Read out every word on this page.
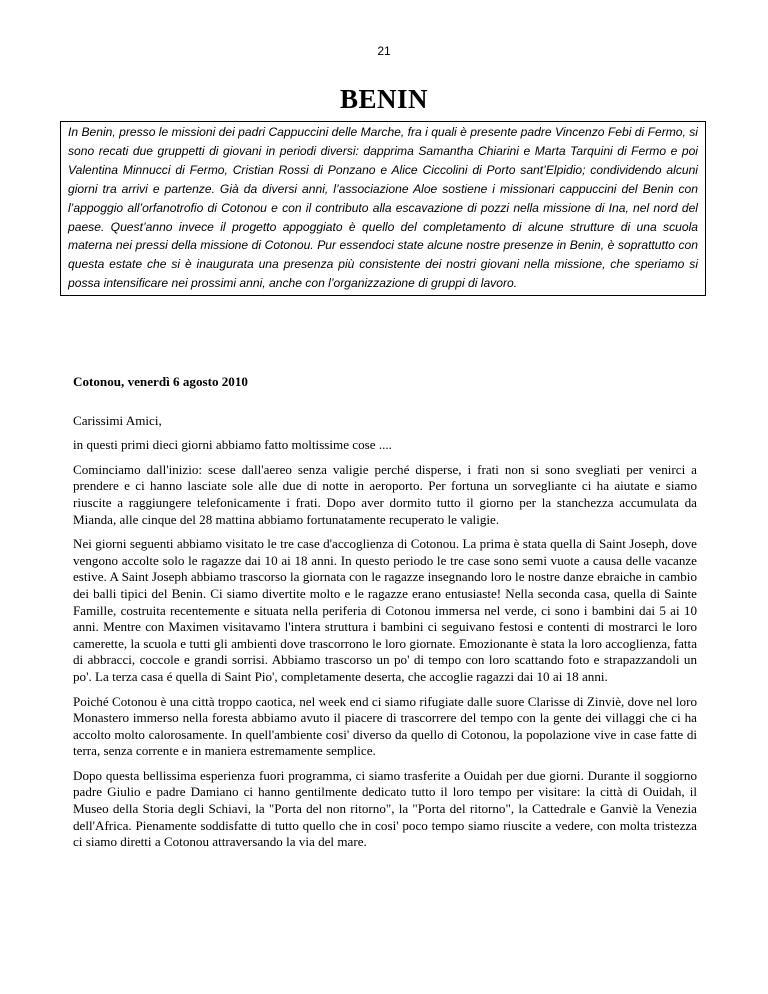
21
BENIN
In Benin, presso le missioni dei padri Cappuccini delle Marche, fra i quali è presente padre Vincenzo Febi di Fermo, si sono recati due gruppetti di giovani in periodi diversi: dapprima Samantha Chiarini e Marta Tarquini di Fermo e poi Valentina Minnucci di Fermo, Cristian Rossi di Ponzano e Alice Ciccolini di Porto sant’Elpidio; condividendo alcuni giorni tra arrivi e partenze. Già da diversi anni, l’associazione Aloe sostiene i missionari cappuccini del Benin con l’appoggio all’orfanotrofio di Cotonou e con il contributo alla escavazione di pozzi nella missione di Ina, nel nord del paese. Quest’anno invece il progetto appoggiato è quello del completamento di alcune strutture di una scuola materna nei pressi della missione di Cotonou. Pur essendoci state alcune nostre presenze in Benin, è soprattutto con questa estate che si è inaugurata una presenza più consistente dei nostri giovani nella missione, che speriamo si possa intensificare nei prossimi anni, anche con l’organizzazione di gruppi di lavoro.

Cotonou, venerdì 6 agosto 2010

Carissimi Amici,

in questi primi dieci giorni abbiamo fatto moltissime cose ....

Cominciamo dall'inizio: scese dall'aereo senza valigie perché disperse, i frati non si sono svegliati per venirci a prendere e ci hanno lasciate sole alle due di notte in aeroporto. Per fortuna un sorvegliante ci ha aiutate e siamo riuscite a raggiungere telefonicamente i frati. Dopo aver dormito tutto il giorno per la stanchezza accumulata da Mianda, alle cinque del 28 mattina abbiamo fortunatamente recuperato le valigie.

Nei giorni seguenti abbiamo visitato le tre case d'accoglienza di Cotonou. La prima è stata quella di Saint Joseph, dove vengono accolte solo le ragazze dai 10 ai 18 anni. In questo periodo le tre case sono semi vuote a causa delle vacanze estive. A Saint Joseph abbiamo trascorso la giornata con le ragazze insegnando loro le nostre danze ebraiche in cambio dei balli tipici del Benin. Ci siamo divertite molto e le ragazze erano entusiaste! Nella seconda casa, quella di Sainte Famille, costruita recentemente e situata nella periferia di Cotonou immersa nel verde, ci sono i bambini dai 5 ai 10 anni. Mentre con Maximen visitavamo l'intera struttura i bambini ci seguivano festosi e contenti di mostrarci le loro camerette, la scuola e tutti gli ambienti dove trascorrono le loro giornate. Emozionante è stata la loro accoglienza, fatta di abbracci, coccole e grandi sorrisi. Abbiamo trascorso un po' di tempo con loro scattando foto e strapazzandoli un po'. La terza casa é quella di Saint Pio', completamente deserta, che accoglie ragazzi dai 10 ai 18 anni.

Poiché Cotonou è una città troppo caotica, nel week end ci siamo rifugiate dalle suore Clarisse di Zinviè, dove nel loro Monastero immerso nella foresta abbiamo avuto il piacere di trascorrere del tempo con la gente dei villaggi che ci ha accolto molto calorosamente. In quell'ambiente cosi' diverso da quello di Cotonou, la popolazione vive in case fatte di terra, senza corrente e in maniera estremamente semplice.

Dopo questa bellissima esperienza fuori programma, ci siamo trasferite a Ouidah per due giorni. Durante il soggiorno padre Giulio e padre Damiano ci hanno gentilmente dedicato tutto il loro tempo per visitare: la città di Ouidah, il Museo della Storia degli Schiavi, la "Porta del non ritorno", la "Porta del ritorno", la Cattedrale e Ganviè la Venezia dell'Africa. Pienamente soddisfatte di tutto quello che in cosi' poco tempo siamo riuscite a vedere, con molta tristezza ci siamo diretti a Cotonou attraversando la via del mare.
